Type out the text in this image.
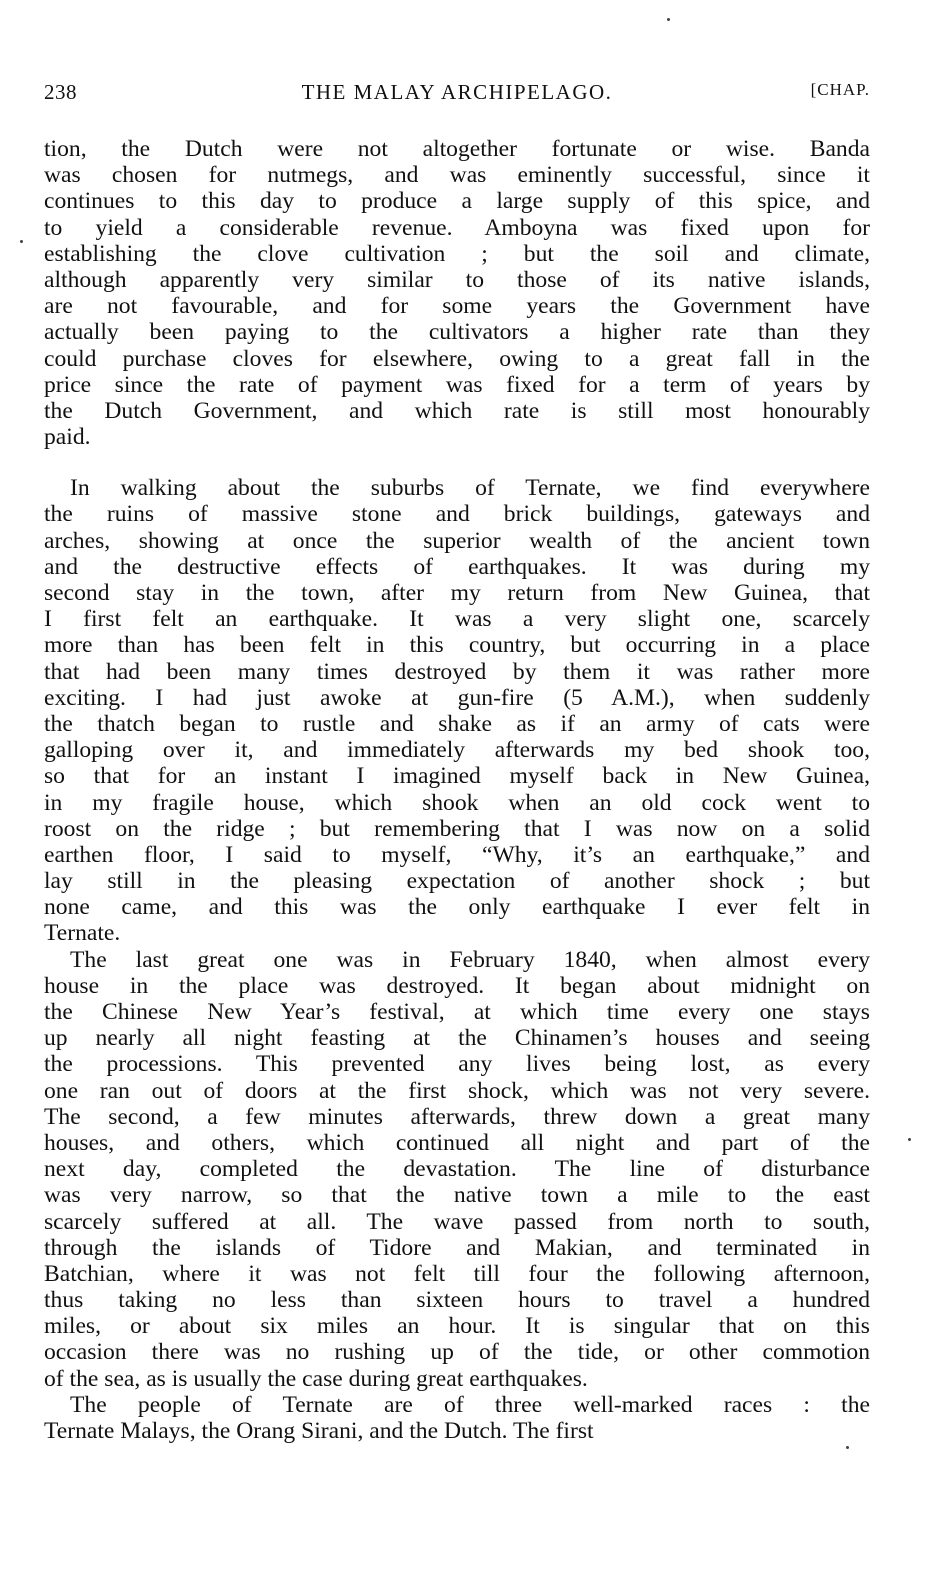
238	THE MALAY ARCHIPELAGO.	[CHAP.
tion, the Dutch were not altogether fortunate or wise. Banda
was chosen for nutmegs, and was eminently successful, since it
continues to this day to produce a large supply of this spice, and
to yield a considerable revenue. Amboyna was fixed upon for
establishing the clove cultivation ; but the soil and climate,
although apparently very similar to those of its native islands,
are not favourable, and for some years the Government have
actually been paying to the cultivators a higher rate than they
could purchase cloves for elsewhere, owing to a great fall in the
price since the rate of payment was fixed for a term of years by
the Dutch Government, and which rate is still most honourably
paid.
In walking about the suburbs of Ternate, we find everywhere
the ruins of massive stone and brick buildings, gateways and
arches, showing at once the superior wealth of the ancient town
and the destructive effects of earthquakes. It was during my
second stay in the town, after my return from New Guinea, that
I first felt an earthquake. It was a very slight one, scarcely
more than has been felt in this country, but occurring in a place
that had been many times destroyed by them it was rather more
exciting. I had just awoke at gun-fire (5 A.M.), when suddenly
the thatch began to rustle and shake as if an army of cats were
galloping over it, and immediately afterwards my bed shook too,
so that for an instant I imagined myself back in New Guinea,
in my fragile house, which shook when an old cock went to
roost on the ridge ; but remembering that I was now on a solid
earthen floor, I said to myself, “Why, it’s an earthquake,” and
lay still in the pleasing expectation of another shock ; but
none came, and this was the only earthquake I ever felt in
Ternate.
The last great one was in February 1840, when almost every
house in the place was destroyed. It began about midnight on
the Chinese New Year’s festival, at which time every one stays
up nearly all night feasting at the Chinamen’s houses and seeing
the processions. This prevented any lives being lost, as every
one ran out of doors at the first shock, which was not very severe.
The second, a few minutes afterwards, threw down a great many
houses, and others, which continued all night and part of the
next day, completed the devastation. The line of disturbance
was very narrow, so that the native town a mile to the east
scarcely suffered at all. The wave passed from north to south,
through the islands of Tidore and Makian, and terminated in
Batchian, where it was not felt till four the following afternoon,
thus taking no less than sixteen hours to travel a hundred
miles, or about six miles an hour. It is singular that on this
occasion there was no rushing up of the tide, or other commotion
of the sea, as is usually the case during great earthquakes.
The people of Ternate are of three well-marked races : the
Ternate Malays, the Orang Sirani, and the Dutch. The first
